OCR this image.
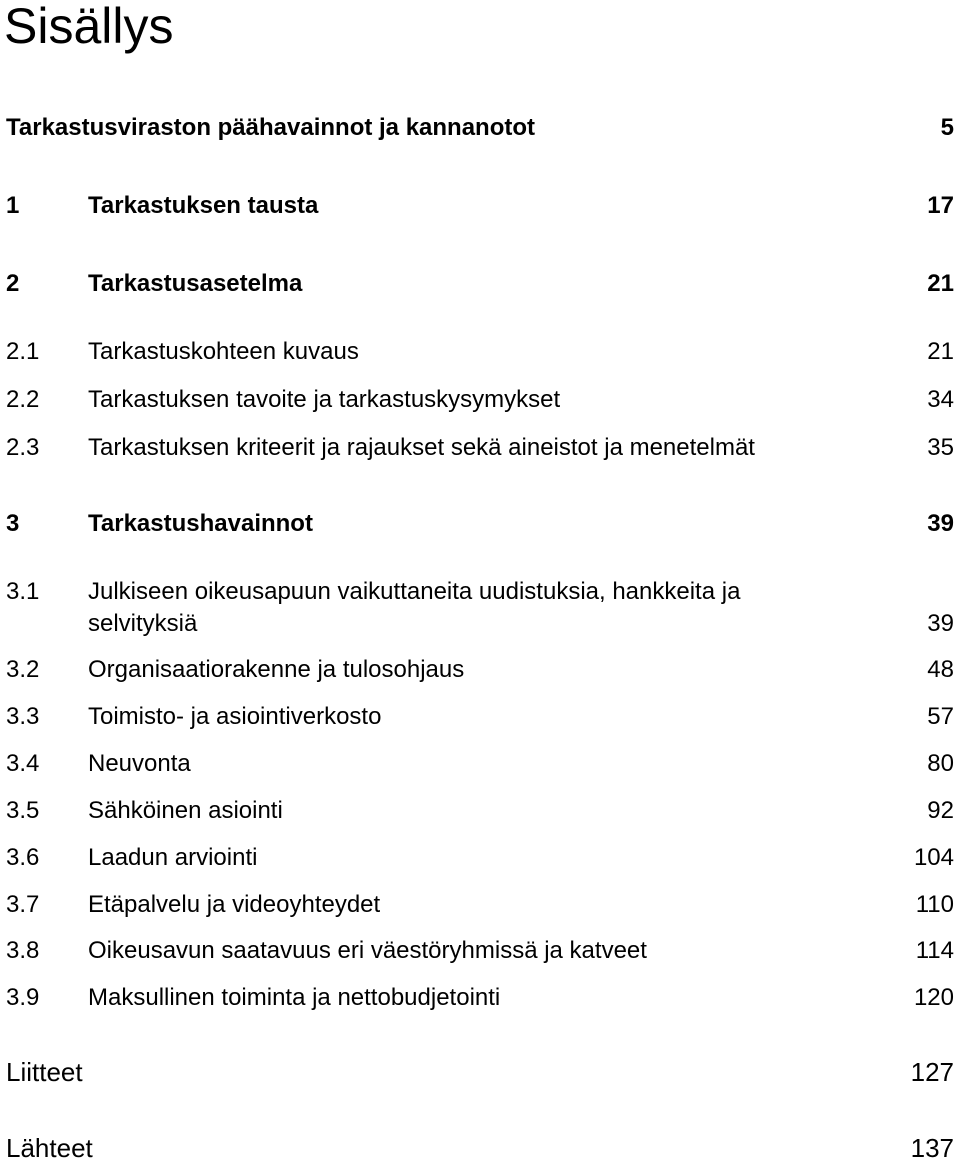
Sisällys
Tarkastusviraston päähavainnot ja kannanotot	5
1	Tarkastuksen tausta	17
2	Tarkastusasetelma	21
2.1 Tarkastuskohteen kuvaus	21
2.2 Tarkastuksen tavoite ja tarkastuskysymykset	34
2.3 Tarkastuksen kriteerit ja rajaukset sekä aineistot ja menetelmät	35
3	Tarkastushavainnot	39
3.1 Julkiseen oikeusapuun vaikuttaneita uudistuksia, hankkeita ja selvityksiä	39
3.2 Organisaatiorakenne ja tulosohjaus	48
3.3 Toimisto- ja asiointiverkosto	57
3.4 Neuvonta	80
3.5 Sähköinen asiointi	92
3.6 Laadun arviointi	104
3.7 Etäpalvelu ja videoyhteydet	110
3.8 Oikeusavun saatavuus eri väestöryhmissä ja katveet	114
3.9 Maksullinen toiminta ja nettobudjetointi	120
Liitteet	127
Lähteet	137
